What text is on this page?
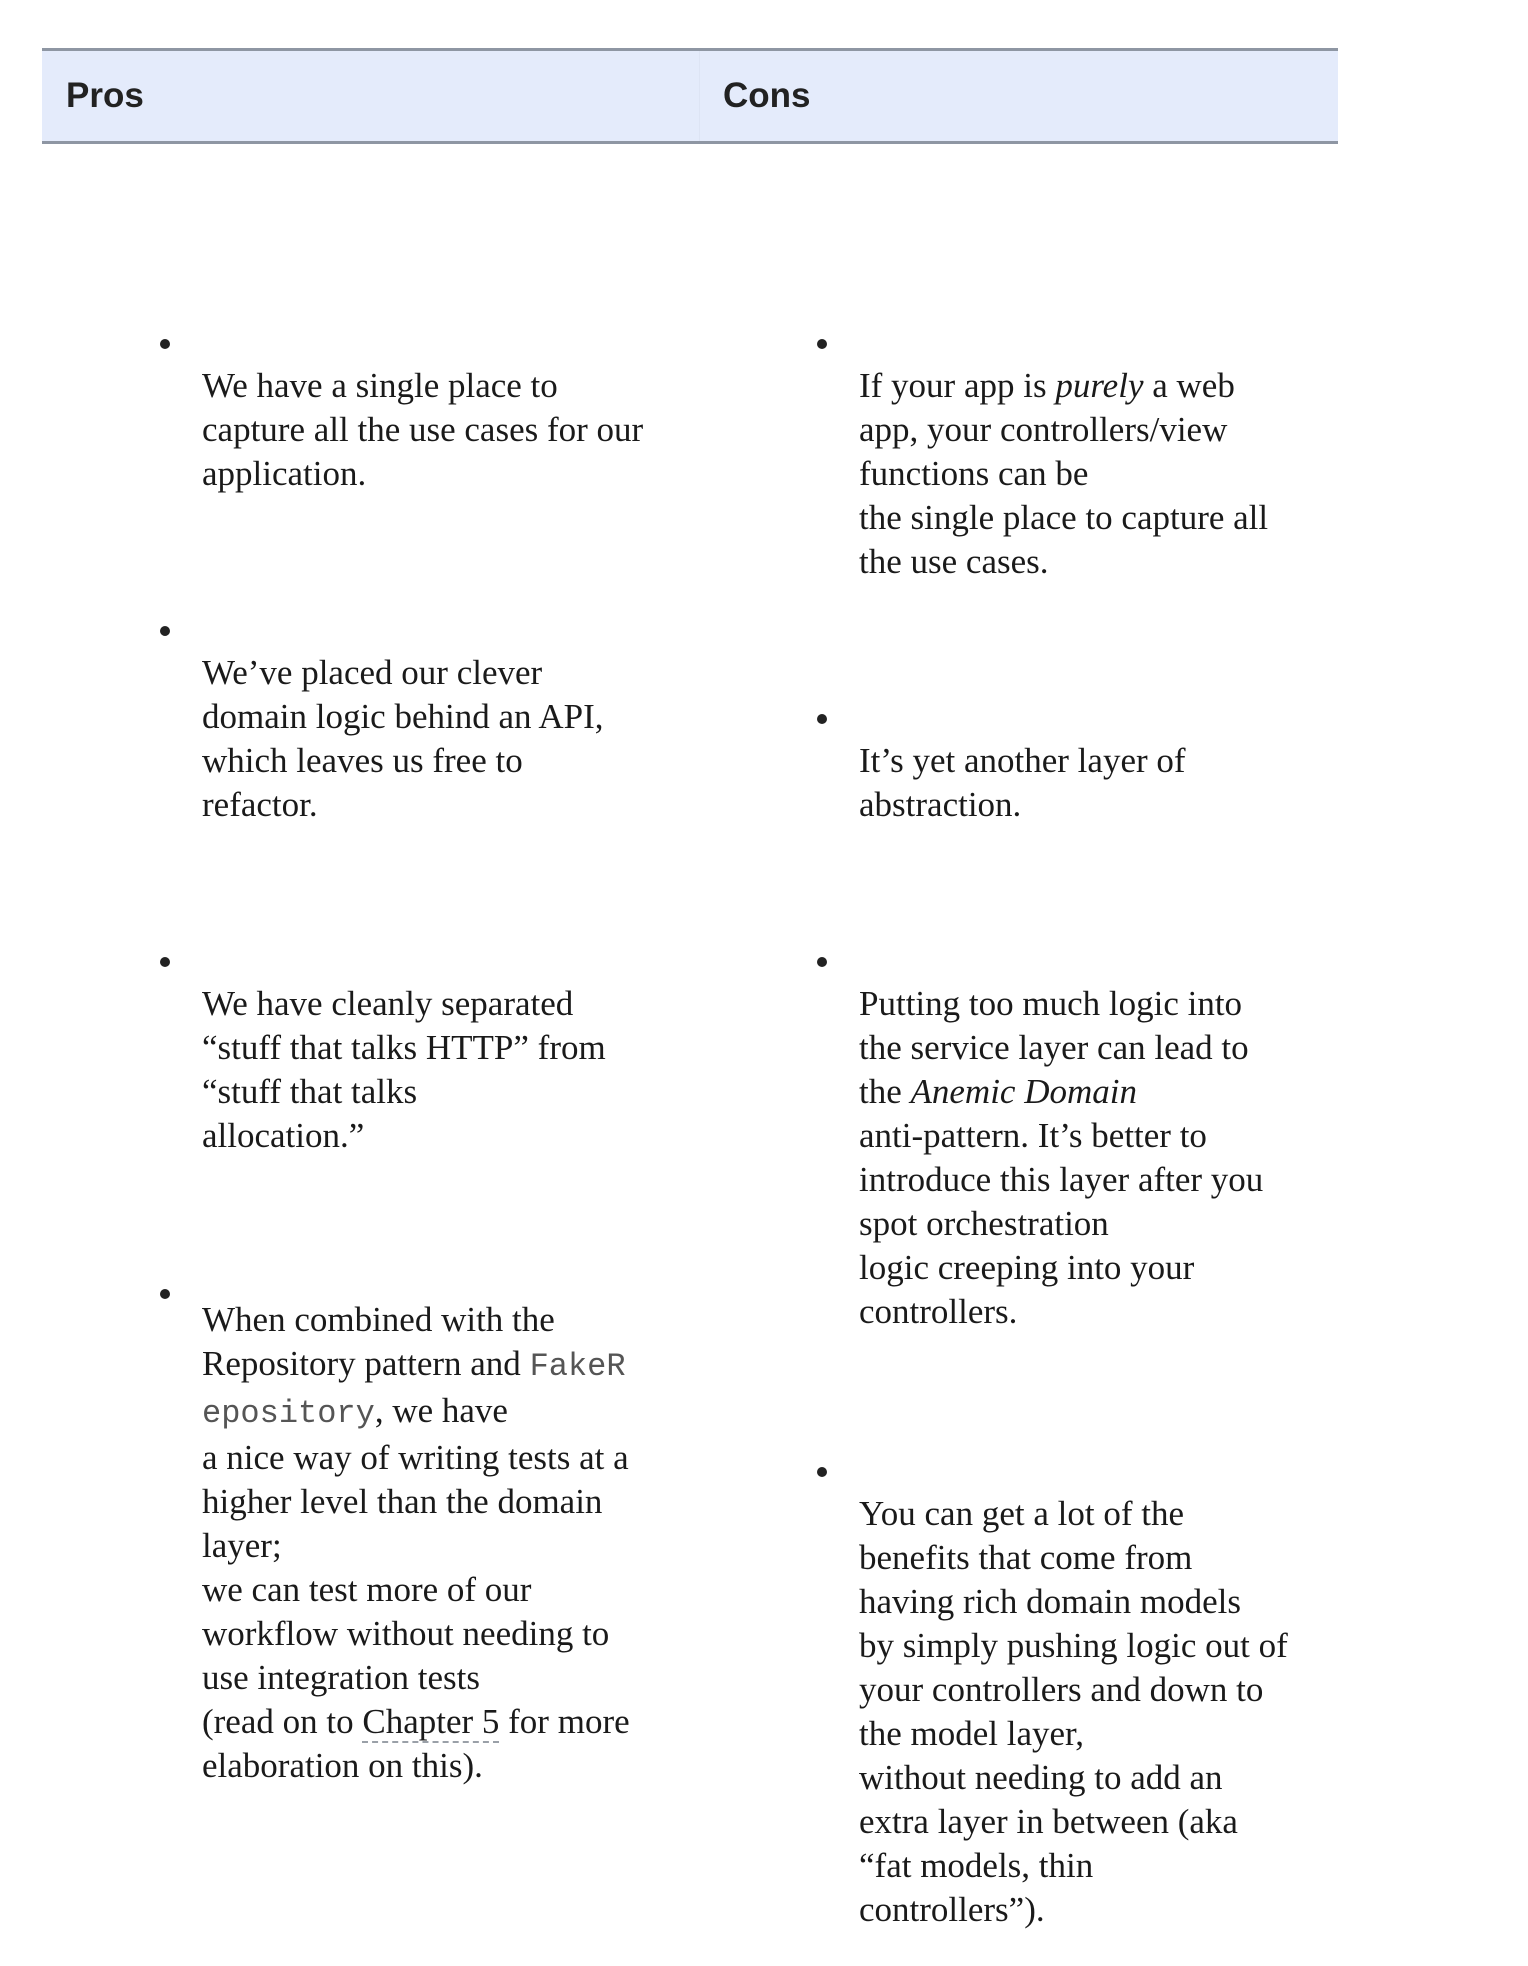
Pros	Cons
We have a single place to
capture all the use cases for our
application.
We’ve placed our clever
domain logic behind an API,
which leaves us free to
refactor.
We have cleanly separated
“stuff that talks HTTP” from
“stuff that talks
allocation.”
When combined with the
Repository pattern and FakeR
epository, we have
a nice way of writing tests at a
higher level than the domain
layer;
we can test more of our
workflow without needing to
use integration tests
(read on to Chapter 5 for more
elaboration on this).
If your app is purely a web
app, your controllers/view
functions can be
the single place to capture all
the use cases.
It’s yet another layer of
abstraction.
Putting too much logic into
the service layer can lead to
the Anemic Domain
anti-pattern. It’s better to
introduce this layer after you
spot orchestration
logic creeping into your
controllers.
You can get a lot of the
benefits that come from
having rich domain models
by simply pushing logic out of
your controllers and down to
the model layer,
without needing to add an
extra layer in between (aka
“fat models, thin
controllers”).
